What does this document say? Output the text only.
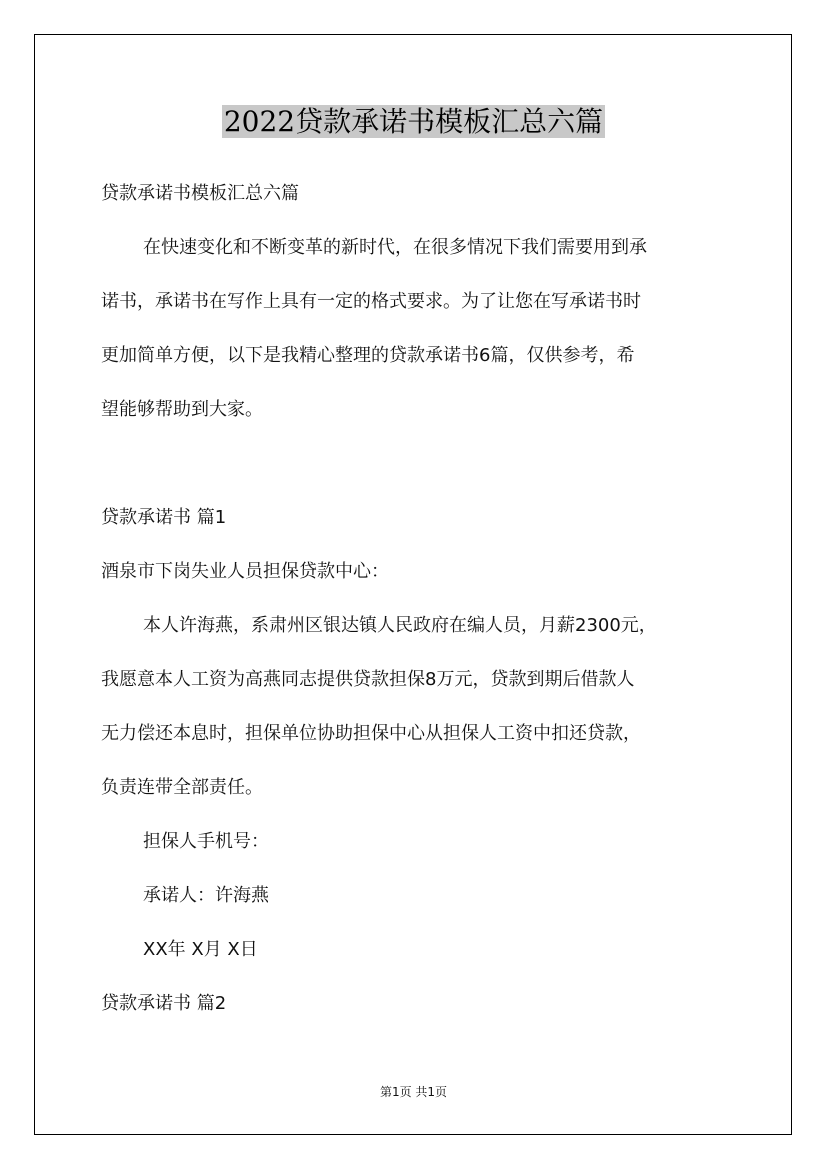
2022贷款承诺书模板汇总六篇
贷款承诺书模板汇总六篇
在快速变化和不断变革的新时代，在很多情况下我们需要用到承
诺书，承诺书在写作上具有一定的格式要求。为了让您在写承诺书时
更加简单方便，以下是我精心整理的贷款承诺书6篇，仅供参考，希
望能够帮助到大家。
贷款承诺书 篇1
酒泉市下岗失业人员担保贷款中心：
本人许海燕，系肃州区银达镇人民政府在编人员，月薪2300元，
我愿意本人工资为高燕同志提供贷款担保8万元，贷款到期后借款人
无力偿还本息时，担保单位协助担保中心从担保人工资中扣还贷款，
负责连带全部责任。
担保人手机号：
承诺人：许海燕
XX年 X月 X日
贷款承诺书 篇2
第1页 共1页
